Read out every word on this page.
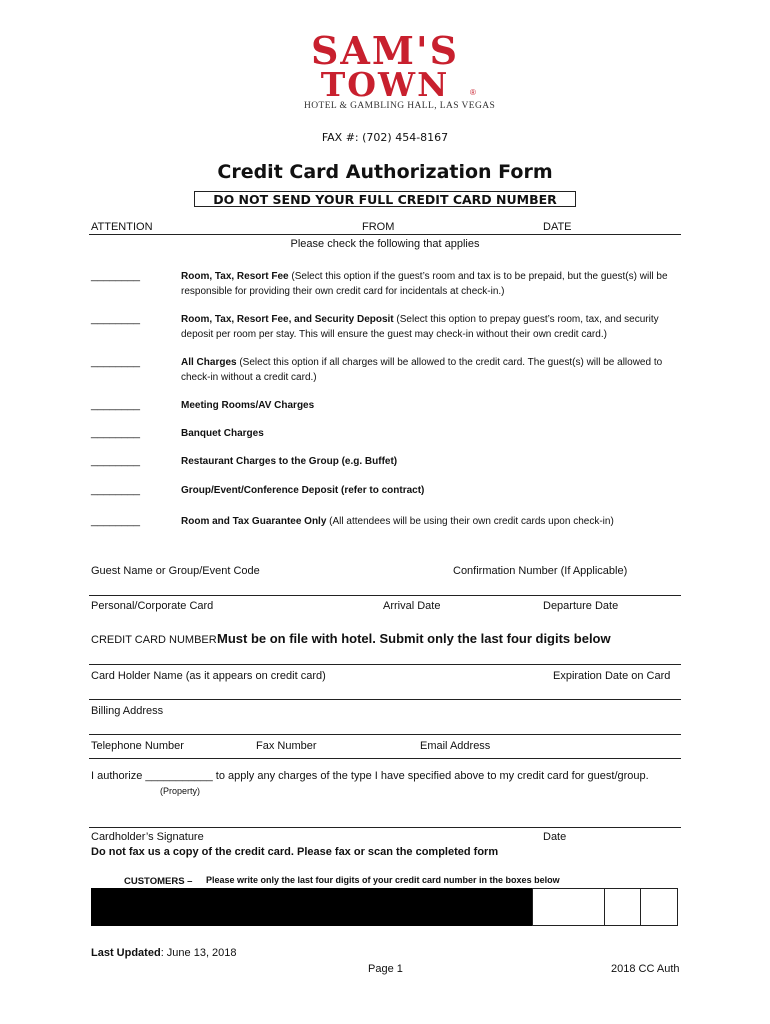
SAM'S
TOWN	®
HOTEL & GAMBLING HALL, LAS VEGAS
FAX #: (702) 454-8167
Credit Card Authorization Form
DO NOT SEND YOUR FULL CREDIT CARD NUMBER
ATTENTION	FROM	DATE
Please check the following that applies
________	Room, Tax, Resort Fee (Select this option if the guest’s room and tax is to be prepaid, but the guest(s) will be responsible for providing their own credit card for incidentals at check-in.)
________	Room, Tax, Resort Fee, and Security Deposit (Select this option to prepay guest’s room, tax, and security deposit per room per stay. This will ensure the guest may check-in without their own credit card.)
________	All Charges (Select this option if all charges will be allowed to the credit card. The guest(s) will be allowed to check-in without a credit card.)
________	Meeting Rooms/AV Charges
________	Banquet Charges
________	Restaurant Charges to the Group (e.g. Buffet)
________	Group/Event/Conference Deposit (refer to contract)
________	Room and Tax Guarantee Only (All attendees will be using their own credit cards upon check-in)
Guest Name or Group/Event Code	Confirmation Number (If Applicable)
Personal/Corporate Card	Arrival Date	Departure Date
CREDIT CARD NUMBER Must be on file with hotel. Submit only the last four digits below
Card Holder Name (as it appears on credit card)	Expiration Date on Card
Billing Address
Telephone Number	Fax Number	Email Address
I authorize ___________ to apply any charges of the type I have specified above to my credit card for guest/group.
(Property)
Cardholder’s Signature	Date
Do not fax us a copy of the credit card. Please fax or scan the completed form
CUSTOMERS – Please write only the last four digits of your credit card number in the boxes below
Last Updated: June 13, 2018
Page 1	2018 CC Auth
